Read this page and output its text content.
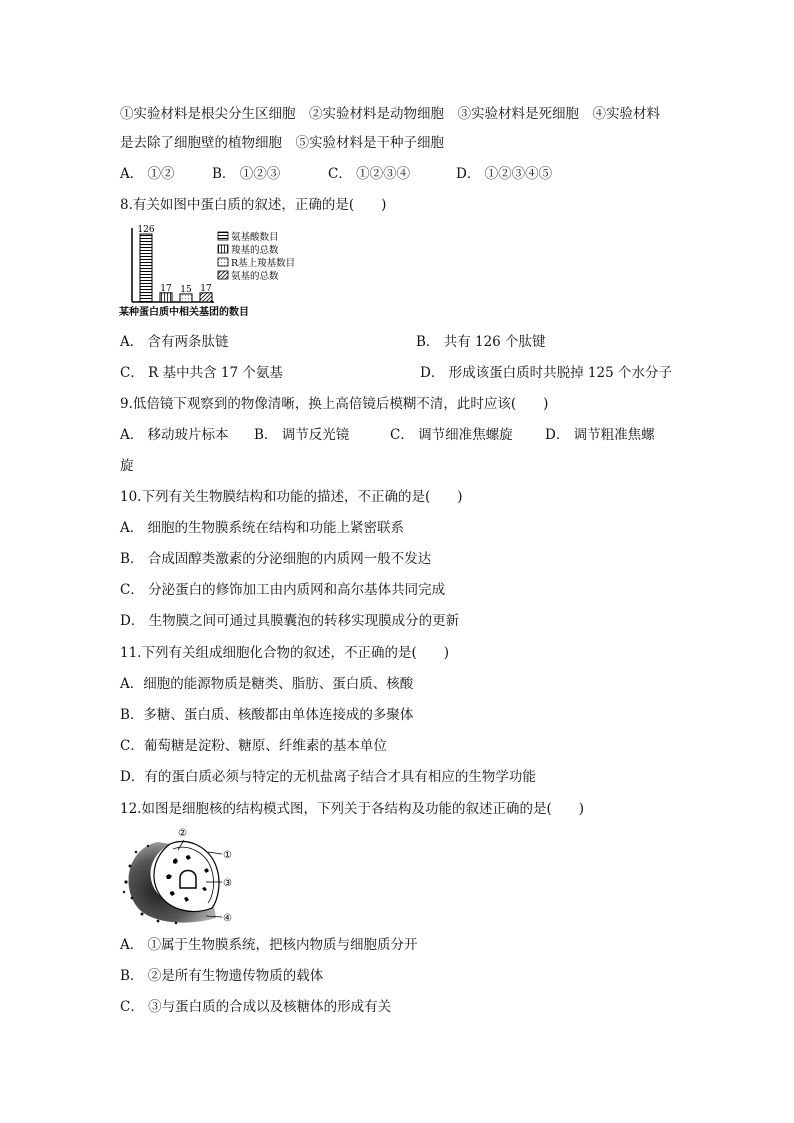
①实验材料是根尖分生区细胞　②实验材料是动物细胞　③实验材料是死细胞　④实验材料
是去除了细胞壁的植物细胞　⑤实验材料是干种子细胞
A． ①②	B． ①②③	C． ①②③④	D． ①②③④⑤
8.有关如图中蛋白质的叙述，正确的是(　　)
126
17 15 17
氨基酸数目
羧基的总数
R基上羧基数目
氨基的总数
某种蛋白质中相关基团的数目
A． 含有两条肽链	B． 共有 126 个肽键
C． R 基中共含 17 个氨基	D． 形成该蛋白质时共脱掉 125 个水分子
9.低倍镜下观察到的物像清晰，换上高倍镜后模糊不清，此时应该(　　)
A． 移动玻片标本 B． 调节反光镜	C． 调节细准焦螺旋 D． 调节粗准焦螺
旋
10.下列有关生物膜结构和功能的描述，不正确的是(　　)
A． 细胞的生物膜系统在结构和功能上紧密联系
B． 合成固醇类激素的分泌细胞的内质网一般不发达
C． 分泌蛋白的修饰加工由内质网和高尔基体共同完成
D． 生物膜之间可通过具膜囊泡的转移实现膜成分的更新
11.下列有关组成细胞化合物的叙述，不正确的是(　　)
A．细胞的能源物质是糖类、脂肪、蛋白质、核酸
B．多糖、蛋白质、核酸都由单体连接成的多聚体
C．葡萄糖是淀粉、糖原、纤维素的基本单位
D．有的蛋白质必须与特定的无机盐离子结合才具有相应的生物学功能
12.如图是细胞核的结构模式图，下列关于各结构及功能的叙述正确的是(　　)
②
①
③
④
A． ①属于生物膜系统，把核内物质与细胞质分开
B． ②是所有生物遗传物质的载体
C． ③与蛋白质的合成以及核糖体的形成有关
